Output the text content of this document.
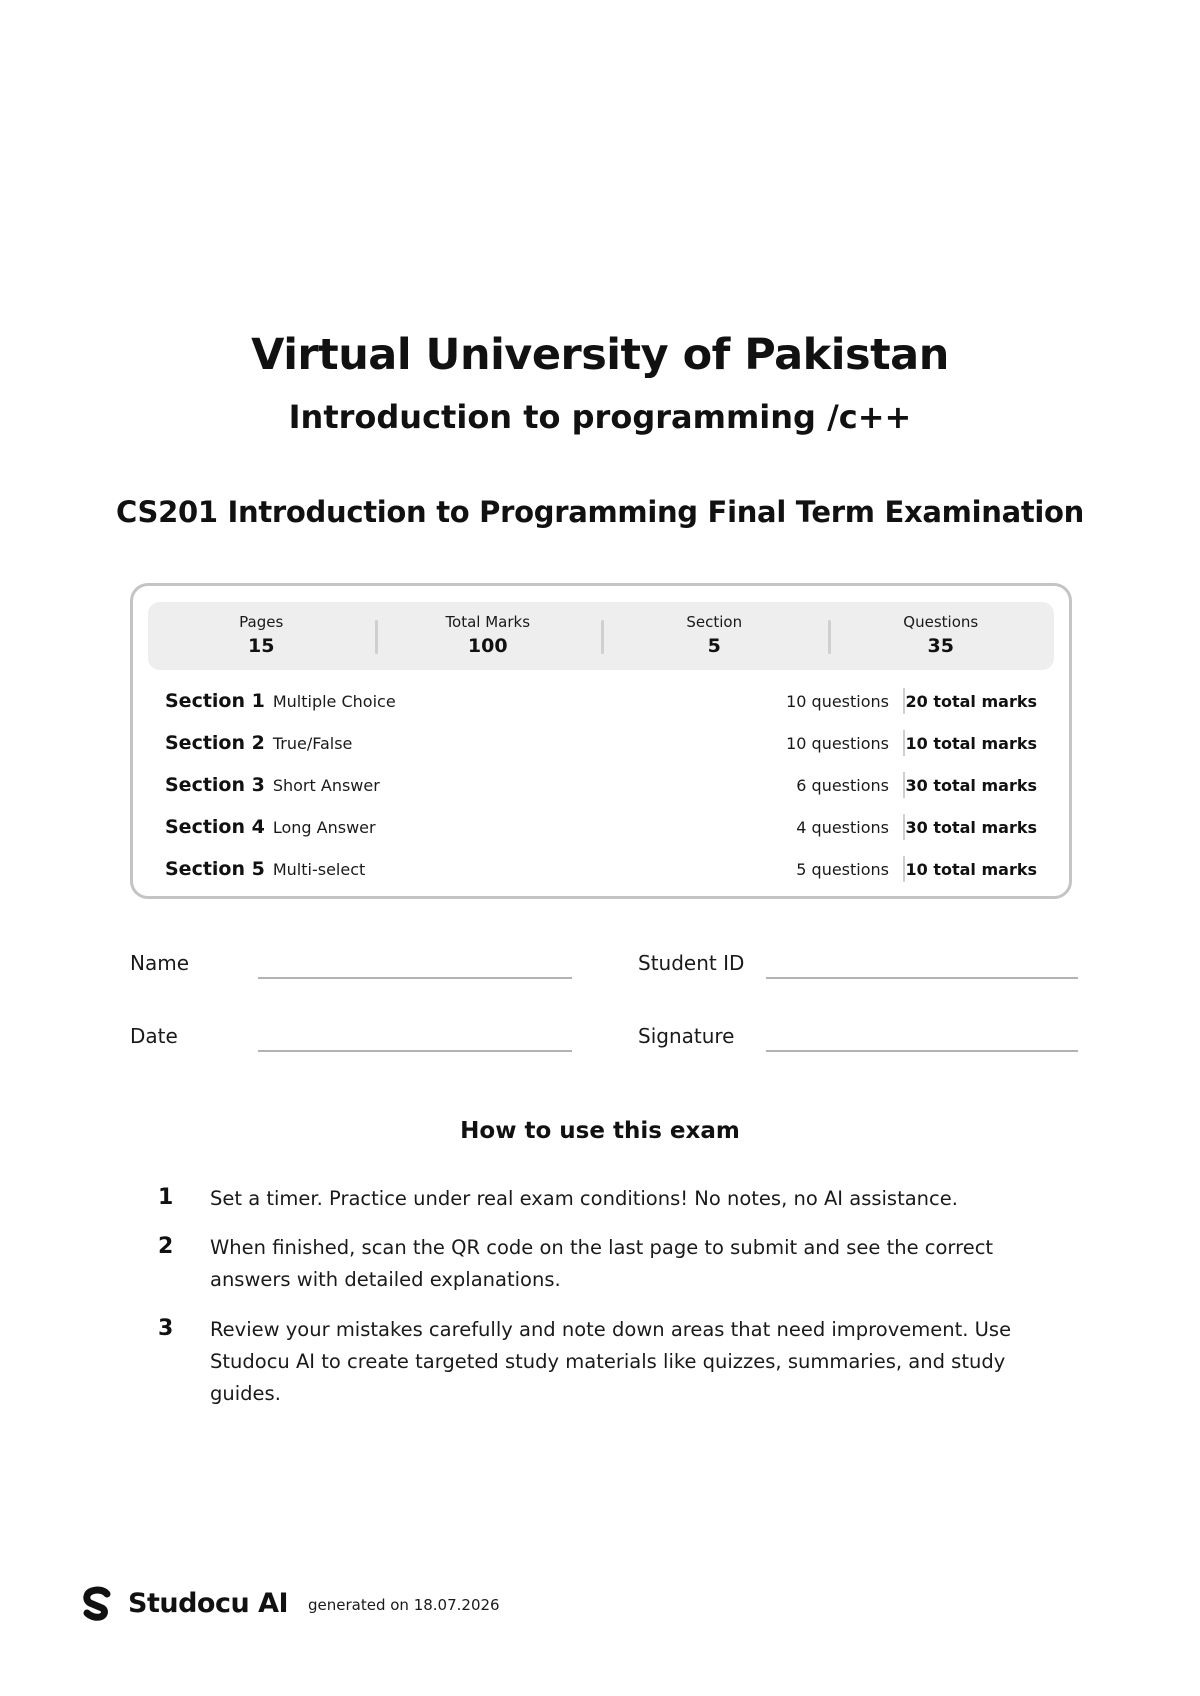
Virtual University of Pakistan
Introduction to programming /c++
CS201 Introduction to Programming Final Term Examination
Pages
15
Total Marks
100
Section
5
Questions
35
Section 1 Multiple Choice	10 questions	20 total marks
Section 2 True/False	10 questions	10 total marks
Section 3 Short Answer	6 questions	30 total marks
Section 4 Long Answer	4 questions	30 total marks
Section 5 Multi-select	5 questions	10 total marks
Name	Student ID
Date	Signature
How to use this exam
1	Set a timer. Practice under real exam conditions! No notes, no AI assistance.
2	When finished, scan the QR code on the last page to submit and see the correct answers with detailed explanations.
3	Review your mistakes carefully and note down areas that need improvement. Use Studocu AI to create targeted study materials like quizzes, summaries, and study guides.
Studocu AI generated on 18.07.2026
